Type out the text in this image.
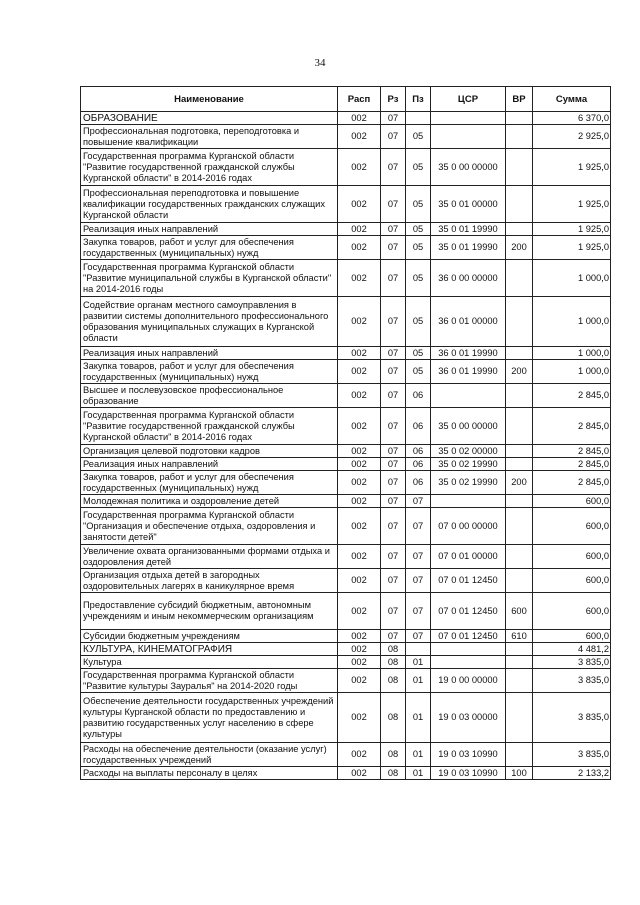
34
Наименование	Расп	Рз	Пз	ЦСР	ВР	Сумма
ОБРАЗОВАНИЕ	002	07				6 370,0
Профессиональная подготовка, переподготовка и повышение квалификации	002	07	05			2 925,0
Государственная программа Курганской области "Развитие государственной гражданской службы Курганской области" в 2014-2016 годах	002	07	05	35 0 00 00000		1 925,0
Профессиональная переподготовка и повышение квалификации государственных гражданских служащих Курганской области	002	07	05	35 0 01 00000		1 925,0
Реализация иных направлений	002	07	05	35 0 01 19990		1 925,0
Закупка товаров, работ и услуг для обеспечения государственных (муниципальных) нужд	002	07	05	35 0 01 19990	200	1 925,0
Государственная программа Курганской области "Развитие муниципальной службы в Курганской области" на 2014-2016 годы	002	07	05	36 0 00 00000		1 000,0
Содействие органам местного самоуправления в развитии системы дополнительного профессионального образования муниципальных служащих в Курганской области	002	07	05	36 0 01 00000		1 000,0
Реализация иных направлений	002	07	05	36 0 01 19990		1 000,0
Закупка товаров, работ и услуг для обеспечения государственных (муниципальных) нужд	002	07	05	36 0 01 19990	200	1 000,0
Высшее и послевузовское профессиональное образование	002	07	06			2 845,0
Государственная программа Курганской области "Развитие государственной гражданской службы Курганской области" в 2014-2016 годах	002	07	06	35 0 00 00000		2 845,0
Организация целевой подготовки кадров	002	07	06	35 0 02 00000		2 845,0
Реализация иных направлений	002	07	06	35 0 02 19990		2 845,0
Закупка товаров, работ и услуг для обеспечения государственных (муниципальных) нужд	002	07	06	35 0 02 19990	200	2 845,0
Молодежная политика и оздоровление детей	002	07	07			600,0
Государственная программа Курганской области "Организация и обеспечение отдыха, оздоровления и занятости детей"	002	07	07	07 0 00 00000		600,0
Увеличение охвата организованными формами отдыха и оздоровления детей	002	07	07	07 0 01 00000		600,0
Организация отдыха детей в загородных оздоровительных лагерях в каникулярное время	002	07	07	07 0 01 12450		600,0
Предоставление субсидий бюджетным, автономным учреждениям и иным некоммерческим организациям	002	07	07	07 0 01 12450	600	600,0
Субсидии бюджетным учреждениям	002	07	07	07 0 01 12450	610	600,0
КУЛЬТУРА, КИНЕМАТОГРАФИЯ	002	08				4 481,2
Культура	002	08	01			3 835,0
Государственная программа Курганской области "Развитие культуры Зауралья" на 2014-2020 годы	002	08	01	19 0 00 00000		3 835,0
Обеспечение деятельности государственных учреждений культуры Курганской области по предоставлению и развитию государственных услуг населению в сфере культуры	002	08	01	19 0 03 00000		3 835,0
Расходы на обеспечение деятельности (оказание услуг) государственных учреждений	002	08	01	19 0 03 10990		3 835,0
Расходы на выплаты персоналу в целях	002	08	01	19 0 03 10990	100	2 133,2
